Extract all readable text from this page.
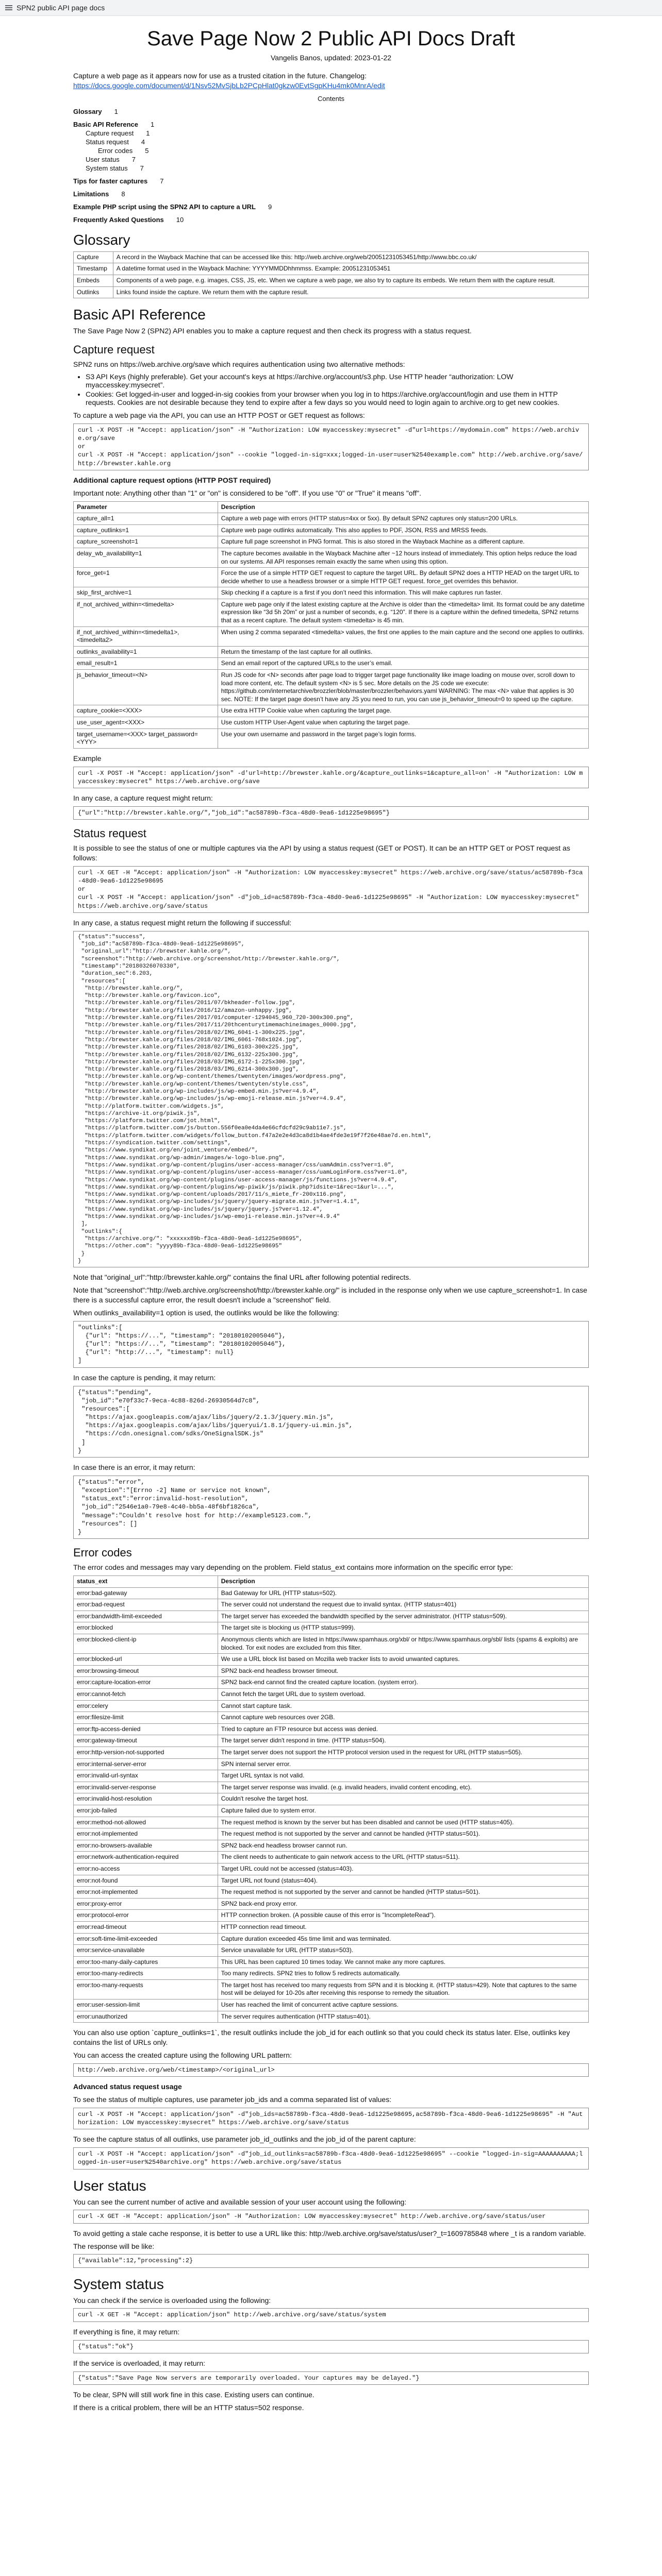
SPN2 public API page docs
Save Page Now 2 Public API Docs Draft
Vangelis Banos, updated: 2023-01-22

Capture a web page as it appears now for use as a trusted citation in the future. Changelog:
https://docs.google.com/document/d/1Nsv52MvSjbLb2PCpHlat0gkzw0EvtSgpKHu4mk0MnrA/edit

Contents
Glossary 1
Basic API Reference 1
Capture request 1
Status request 4
Error codes 5
User status 7
System status 7
Tips for faster captures 7
Limitations 8
Example PHP script using the SPN2 API to capture a URL 9
Frequently Asked Questions 10
Glossary
Capture	A record in the Wayback Machine that can be accessed like this: http://web.archive.org/web/20051231053451/http://www.bbc.co.uk/
Timestamp	A datetime format used in the Wayback Machine: YYYYMMDDhhmmss. Example: 20051231053451
Embeds	Components of a web page, e.g. images, CSS, JS, etc. When we capture a web page, we also try to capture its embeds. We return them with the capture result.
Outlinks	Links found inside the capture. We return them with the capture result.
Basic API Reference

The Save Page Now 2 (SPN2) API enables you to make a capture request and then check its progress with a status request.

Capture request

SPN2 runs on https://web.archive.org/save which requires authentication using two alternative methods:

• S3 API Keys (highly preferable). Get your account's keys at https://archive.org/account/s3.php. Use HTTP header “authorization: LOW myaccesskey:mysecret”.
• Cookies: Get logged-in-user and logged-in-sig cookies from your browser when you log in to https://archive.org/account/login and use them in HTTP requests. Cookies are not desirable because they tend to expire after a few days so you would need to login again to archive.org to get new cookies.

To capture a web page via the API, you can use an HTTP POST or GET request as follows:

curl -X POST -H "Accept: application/json" -H "Authorization: LOW myaccesskey:mysecret" -d"url=https://mydomain.com" https://web.archive.org/save
or
curl -X POST -H "Accept: application/json" --cookie "logged-in-sig=xxx;logged-in-user=user%2540example.com" http://web.archive.org/save/http://brewster.kahle.org

Additional capture request options (HTTP POST required)

Important note: Anything other than "1" or "on" is considered to be "off". If you use "0" or "True" it means "off".

Parameter	Description
capture_all=1	Capture a web page with errors (HTTP status=4xx or 5xx). By default SPN2 captures only status=200 URLs.
capture_outlinks=1	Capture web page outlinks automatically. This also applies to PDF, JSON, RSS and MRSS feeds.
capture_screenshot=1	Capture full page screenshot in PNG format. This is also stored in the Wayback Machine as a different capture.
delay_wb_availability=1	The capture becomes available in the Wayback Machine after ~12 hours instead of immediately. This option helps reduce the load on our systems. All API responses remain exactly the same when using this option.
force_get=1	Force the use of a simple HTTP GET request to capture the target URL. By default SPN2 does a HTTP HEAD on the target URL to decide whether to use a headless browser or a simple HTTP GET request. force_get overrides this behavior.
skip_first_archive=1	Skip checking if a capture is a first if you don’t need this information. This will make captures run faster.
if_not_archived_within=<timedelta>	Capture web page only if the latest existing capture at the Archive is older than the <timedelta> limit. Its format could be any datetime expression like “3d 5h 20m” or just a number of seconds, e.g. “120”. If there is a capture within the defined timedelta, SPN2 returns that as a recent capture. The default system <timedelta> is 45 min.
if_not_archived_within=<timedelta1>,<timedelta2>	When using 2 comma separated <timedelta> values, the first one applies to the main capture and the second one applies to outlinks.
outlinks_availability=1	Return the timestamp of the last capture for all outlinks.
email_result=1	Send an email report of the captured URLs to the user’s email.
js_behavior_timeout=<N>	Run JS code for <N> seconds after page load to trigger target page functionality like image loading on mouse over, scroll down to load more content, etc. The default system <N> is 5 sec. More details on the JS code we execute: https://github.com/internetarchive/brozzler/blob/master/brozzler/behaviors.yaml WARNING: The max <N> value that applies is 30 sec. NOTE: If the target page doesn’t have any JS you need to run, you can use js_behavior_timeout=0 to speed up the capture.
capture_cookie=<XXX>	Use extra HTTP Cookie value when capturing the target page.
use_user_agent=<XXX>	Use custom HTTP User-Agent value when capturing the target page.
target_username=<XXX> target_password=<YYY>	Use your own username and password in the target page’s login forms.

Example

curl -X POST -H "Accept: application/json" -d'url=http://brewster.kahle.org/&capture_outlinks=1&capture_all=on' -H "Authorization: LOW myaccesskey:mysecret" https://web.archive.org/save

In any case, a capture request might return:

{"url":"http://brewster.kahle.org/","job_id":"ac58789b-f3ca-48d0-9ea6-1d1225e98695"}
Status request

It is possible to see the status of one or multiple captures via the API by using a status request (GET or POST). It can be an HTTP GET or POST request as follows:

curl -X GET -H "Accept: application/json" -H "Authorization: LOW myaccesskey:mysecret" https://web.archive.org/save/status/ac58789b-f3ca-48d0-9ea6-1d1225e98695
or
curl -X POST -H "Accept: application/json" -d"job_id=ac58789b-f3ca-48d0-9ea6-1d1225e98695" -H "Authorization: LOW myaccesskey:mysecret" https://web.archive.org/save/status

In any case, a status request might return the following if successful:

{"status":"success",
"job_id":"ac58789b-f3ca-48d0-9ea6-1d1225e98695",
"original_url":"http://brewster.kahle.org/",
"screenshot":"http://web.archive.org/screenshot/http://brewster.kahle.org/",
"timestamp":"20180326070330",
"duration_sec":6.203,
"resources":[
"http://brewster.kahle.org/",
"http://brewster.kahle.org/favicon.ico",
"http://brewster.kahle.org/files/2011/07/bkheader-follow.jpg",
"http://brewster.kahle.org/files/2016/12/amazon-unhappy.jpg",
"http://brewster.kahle.org/files/2017/01/computer-1294045_960_720-300x300.png",
"http://brewster.kahle.org/files/2017/11/20thcenturytimemachineimages_0000.jpg",
"http://brewster.kahle.org/files/2018/02/IMG_6041-1-300x225.jpg",
"http://brewster.kahle.org/files/2018/02/IMG_6061-768x1024.jpg",
"http://brewster.kahle.org/files/2018/02/IMG_6103-300x225.jpg",
"http://brewster.kahle.org/files/2018/02/IMG_6132-225x300.jpg",
"http://brewster.kahle.org/files/2018/03/IMG_6172-1-225x300.jpg",
"http://brewster.kahle.org/files/2018/03/IMG_6214-300x300.jpg",
"http://brewster.kahle.org/wp-content/themes/twentyten/images/wordpress.png",
"http://brewster.kahle.org/wp-content/themes/twentyten/style.css",
"http://brewster.kahle.org/wp-includes/js/wp-embed.min.js?ver=4.9.4",
"http://brewster.kahle.org/wp-includes/js/wp-emoji-release.min.js?ver=4.9.4",
"http://platform.twitter.com/widgets.js",
"https://archive-it.org/piwik.js",
"https://platform.twitter.com/jot.html",
"https://platform.twitter.com/js/button.556f0ea0e4da4e66cfdcfd29c9ab11e7.js",
"https://platform.twitter.com/widgets/follow_button.f47a2e2e4d3ca8d1b4ae4fde3e19f7f26e48ae7d.en.html",
"https://syndication.twitter.com/settings",
"https://www.syndikat.org/en/joint_venture/embed/",
"https://www.syndikat.org/wp-admin/images/w-logo-blue.png",
"https://www.syndikat.org/wp-content/plugins/user-access-manager/css/uamAdmin.css?ver=1.0",
"https://www.syndikat.org/wp-content/plugins/user-access-manager/css/uamLoginForm.css?ver=1.0",
"https://www.syndikat.org/wp-content/plugins/user-access-manager/js/functions.js?ver=4.9.4",
"https://www.syndikat.org/wp-content/plugins/wp-piwik/js/piwik.php?idsite=1&rec=1&url=...",
"https://www.syndikat.org/wp-content/uploads/2017/11/s_miete_fr-200x116.png",
"https://www.syndikat.org/wp-includes/js/jquery/jquery-migrate.min.js?ver=1.4.1",
"https://www.syndikat.org/wp-includes/js/jquery/jquery.js?ver=1.12.4",
"https://www.syndikat.org/wp-includes/js/wp-emoji-release.min.js?ver=4.9.4"
],
"outlinks":{
"https://archive.org/": "xxxxxx89b-f3ca-48d0-9ea6-1d1225e98695",
"https://other.com": "yyyy89b-f3ca-48d0-9ea6-1d1225e98695"
}
}

Note that "original_url":"http://brewster.kahle.org/" contains the final URL after following potential redirects.

Note that "screenshot":"http://web.archive.org/screenshot/http://brewster.kahle.org/" is included in the response only when we use capture_screenshot=1. In case there is a successful capture error, the result doesn't include a "screenshot" field.

When outlinks_availability=1 option is used, the outlinks would be like the following:

"outlinks":[
{"url": "https://...", "timestamp": "20180102005046"},
{"url": "https://...", "timestamp": "20180102005046"},
{"url": "http://...", "timestamp": null}
]

In case the capture is pending, it may return:

{"status":"pending",
"job_id":"e70f33c7-9eca-4c88-826d-26930564d7c8",
"resources":[
"https://ajax.googleapis.com/ajax/libs/jquery/2.1.3/jquery.min.js",
"https://ajax.googleapis.com/ajax/libs/jqueryui/1.8.1/jquery-ui.min.js",
"https://cdn.onesignal.com/sdks/OneSignalSDK.js"
]
}

In case there is an error, it may return:

{"status":"error",
"exception":"[Errno -2] Name or service not known",
"status_ext":"error:invalid-host-resolution",
"job_id":"2546e1a0-79e8-4c40-bb5a-48f6bf1826ca",
"message":"Couldn't resolve host for http://example5123.com.",
"resources": []
}
Error codes

The error codes and messages may vary depending on the problem. Field status_ext contains more information on the specific error type:

status_ext	Description
error:bad-gateway	Bad Gateway for URL (HTTP status=502).
error:bad-request	The server could not understand the request due to invalid syntax. (HTTP status=401)
error:bandwidth-limit-exceeded	The target server has exceeded the bandwidth specified by the server administrator. (HTTP status=509).
error:blocked	The target site is blocking us (HTTP status=999).
error:blocked-client-ip	Anonymous clients which are listed in https://www.spamhaus.org/xbl/ or https://www.spamhaus.org/sbl/ lists (spams & exploits) are blocked. Tor exit nodes are excluded from this filter.
error:blocked-url	We use a URL block list based on Mozilla web tracker lists to avoid unwanted captures.
error:browsing-timeout	SPN2 back-end headless browser timeout.
error:capture-location-error	SPN2 back-end cannot find the created capture location. (system error).
error:cannot-fetch	Cannot fetch the target URL due to system overload.
error:celery	Cannot start capture task.
error:filesize-limit	Cannot capture web resources over 2GB.
error:ftp-access-denied	Tried to capture an FTP resource but access was denied.
error:gateway-timeout	The target server didn't respond in time. (HTTP status=504).
error:http-version-not-supported	The target server does not support the HTTP protocol version used in the request for URL (HTTP status=505).
error:internal-server-error	SPN internal server error.
error:invalid-url-syntax	Target URL syntax is not valid.
error:invalid-server-response	The target server response was invalid. (e.g. invalid headers, invalid content encoding, etc).
error:invalid-host-resolution	Couldn't resolve the target host.
error:job-failed	Capture failed due to system error.
error:method-not-allowed	The request method is known by the server but has been disabled and cannot be used (HTTP status=405).
error:not-implemented	The request method is not supported by the server and cannot be handled (HTTP status=501).
error:no-browsers-available	SPN2 back-end headless browser cannot run.
error:network-authentication-required	The client needs to authenticate to gain network access to the URL (HTTP status=511).
error:no-access	Target URL could not be accessed (status=403).
error:not-found	Target URL not found (status=404).
error:not-implemented	The request method is not supported by the server and cannot be handled (HTTP status=501).
error:proxy-error	SPN2 back-end proxy error.
error:protocol-error	HTTP connection broken. (A possible cause of this error is "IncompleteRead").
error:read-timeout	HTTP connection read timeout.
error:soft-time-limit-exceeded	Capture duration exceeded 45s time limit and was terminated.
error:service-unavailable	Service unavailable for URL (HTTP status=503).
error:too-many-daily-captures	This URL has been captured 10 times today. We cannot make any more captures.
error:too-many-redirects	Too many redirects. SPN2 tries to follow 5 redirects automatically.
error:too-many-requests	The target host has received too many requests from SPN and it is blocking it. (HTTP status=429). Note that captures to the same host will be delayed for 10-20s after receiving this response to remedy the situation.
error:user-session-limit	User has reached the limit of concurrent active capture sessions.
error:unauthorized	The server requires authentication (HTTP status=401).

You can also use option `capture_outlinks=1`, the result outlinks include the job_id for each outlink so that you could check its status later. Else, outlinks key contains the list of URLs only.

You can access the created capture using the following URL pattern:

http://web.archive.org/web/<timestamp>/<original_url>

Advanced status request usage

To see the status of multiple captures, use parameter job_ids and a comma separated list of values:

curl -X POST -H "Accept: application/json" -d"job_ids=ac58789b-f3ca-48d0-9ea6-1d1225e98695,ac58789b-f3ca-48d0-9ea6-1d1225e98695" -H "Authorization: LOW myaccesskey:mysecret" https://web.archive.org/save/status

To see the capture status of all outlinks, use parameter job_id_outlinks and the job_id of the parent capture:

curl -X POST -H "Accept: application/json" -d"job_id_outlinks=ac58789b-f3ca-48d0-9ea6-1d1225e98695" --cookie "logged-in-sig=AAAAAAAAAA;logged-in-user=user%2540archive.org" https://web.archive.org/save/status
User status

You can see the current number of active and available session of your user account using the following:

curl -X GET -H "Accept: application/json" -H "Authorization: LOW myaccesskey:mysecret" http://web.archive.org/save/status/user

To avoid getting a stale cache response, it is better to use a URL like this: http://web.archive.org/save/status/user?_t=1609785848 where _t is a random variable.

The response will be like:

{"available":12,"processing":2}
System status

You can check if the service is overloaded using the following:

curl -X GET -H "Accept: application/json" http://web.archive.org/save/status/system

If everything is fine, it may return:

{"status":"ok"}

If the service is overloaded, it may return:

{"status":"Save Page Now servers are temporarily overloaded. Your captures may be delayed."}

To be clear, SPN will still work fine in this case. Existing users can continue.

If there is a critical problem, there will be an HTTP status=502 response.
